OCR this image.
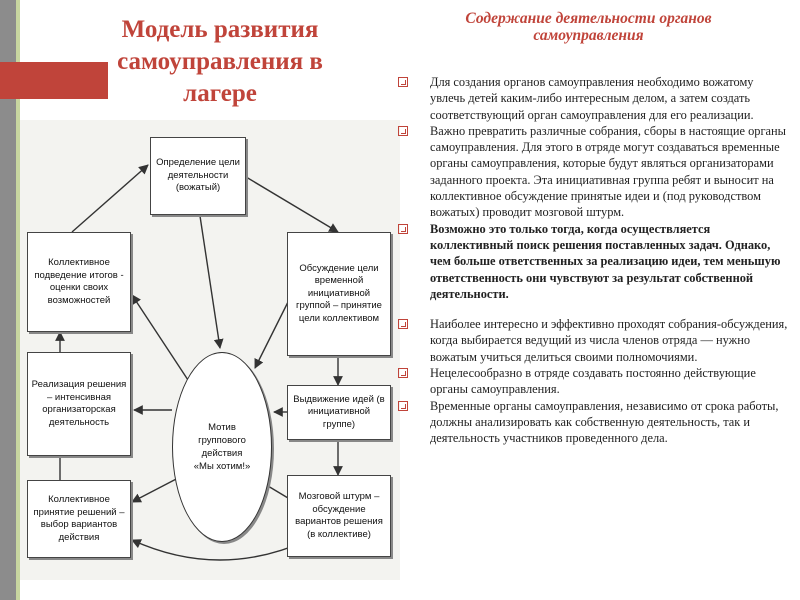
Модель развития самоуправления в лагере
Содержание деятельности органов самоуправления
Определение цели деятельности (вожатый)
Коллективное подведение итогов - оценки своих возможностей
Реализация решения – интенсивная организаторская деятельность
Коллективное принятие решений – выбор вариантов действия
Обсуждение цели временной инициативной группой – принятие цели коллективом
Выдвижение идей (в инициативной группе)
Мозговой штурм – обсуждение вариантов решения (в коллективе)
Мотив группового действия «Мы хотим!»
Для создания органов самоуправления необходимо вожатому увлечь детей каким-либо интересным делом, а затем создать соответствующий орган самоуправления для его реализации.
Важно превратить различные собрания, сборы в настоящие органы самоуправления. Для этого в отряде могут создаваться временные органы самоуправления, которые будут являться организаторами заданного проекта. Эта инициативная группа ребят и выносит на коллективное обсуждение принятые идеи и (под руководством вожатых) проводит мозговой штурм.
Возможно это только тогда, когда осуществляется коллективный поиск решения поставленных задач. Однако, чем больше ответственных за реализацию идеи, тем меньшую ответственность они чувствуют за результат собственной деятельности.
Наиболее интересно и эффективно проходят собрания-обсуждения, когда выбирается ведущий из числа членов отряда — нужно вожатым учиться делиться своими полномочиями.
Нецелесообразно в отряде создавать постоянно действующие органы самоуправления.
Временные органы самоуправления, независимо от срока работы, должны анализировать как собственную деятельность, так и деятельность участников проведенного дела.
